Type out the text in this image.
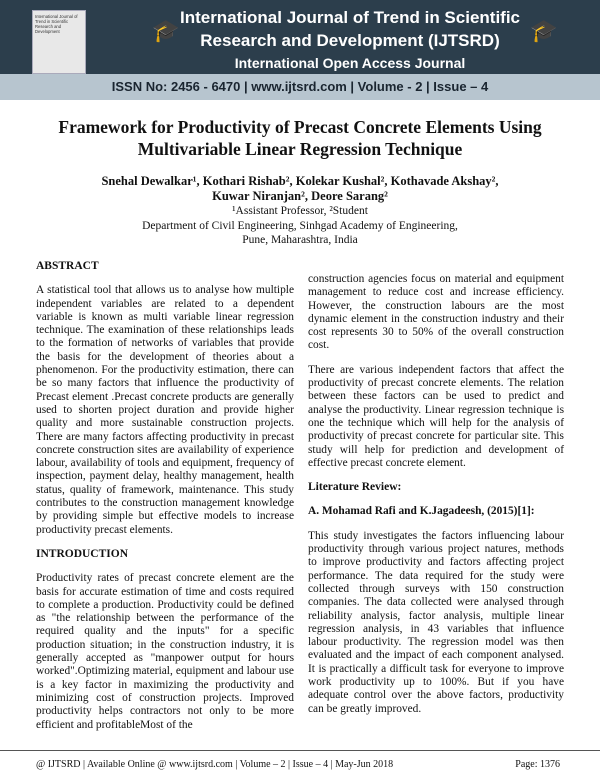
International Journal of Trend in Scientific Research and Development	🎓	🎓
International Journal of Trend in Scientific
Research and Development (IJTSRD)
International Open Access Journal
ISSN No: 2456 - 6470 | www.ijtsrd.com | Volume - 2 | Issue – 4
Framework for Productivity of Precast Concrete Elements Using
Multivariable Linear Regression Technique
Snehal Dewalkar¹, Kothari Rishab², Kolekar Kushal², Kothavade Akshay²,
Kuwar Niranjan², Deore Sarang²
¹Assistant Professor, ²Student
Department of Civil Engineering, Sinhgad Academy of Engineering,
Pune, Maharashtra, India

ABSTRACT

A statistical tool that allows us to analyse how multiple independent variables are related to a dependent variable is known as multi variable linear regression technique. The examination of these relationships leads to the formation of networks of variables that provide the basis for the development of theories about a phenomenon. For the productivity estimation, there can be so many factors that influence the productivity of Precast element .Precast concrete products are generally used to shorten project duration and provide higher quality and more sustainable construction projects. There are many factors affecting productivity in precast concrete construction sites are availability of experience labour, availability of tools and equipment, frequency of inspection, payment delay, healthy management, health status, quality of framework, maintenance. This study contributes to the construction management knowledge by providing simple but effective models to increase productivity precast elements.

INTRODUCTION

Productivity rates of precast concrete element are the basis for accurate estimation of time and costs required to complete a production. Productivity could be defined as "the relationship between the performance of the required quality and the inputs" for a specific production situation; in the construction industry, it is generally accepted as "manpower output for hours worked".Optimizing material, equipment and labour use is a key factor in maximizing the productivity and minimizing cost of construction projects. Improved productivity helps contractors not only to be more efficient and profitableMost of the

construction agencies focus on material and equipment management to reduce cost and increase efficiency. However, the construction labours are the most dynamic element in the construction industry and their cost represents 30 to 50% of the overall construction cost.

There are various independent factors that affect the productivity of precast concrete elements. The relation between these factors can be used to predict and analyse the productivity. Linear regression technique is one the technique which will help for the analysis of productivity of precast concrete for particular site. This study will help for prediction and development of effective precast concrete element.

Literature Review:

A. Mohamad Rafi and K.Jagadeesh, (2015)[1]:

This study investigates the factors influencing labour productivity through various project natures, methods to improve productivity and factors affecting project performance. The data required for the study were collected through surveys with 150 construction companies. The data collected were analysed through reliability analysis, factor analysis, multiple linear regression analysis, in 43 variables that influence labour productivity. The regression model was then evaluated and the impact of each component analysed. It is practically a difficult task for everyone to improve work productivity up to 100%. But if you have adequate control over the above factors, productivity can be greatly improved.

@ IJTSRD | Available Online @ www.ijtsrd.com | Volume – 2 | Issue – 4 | May-Jun 2018	Page: 1376
